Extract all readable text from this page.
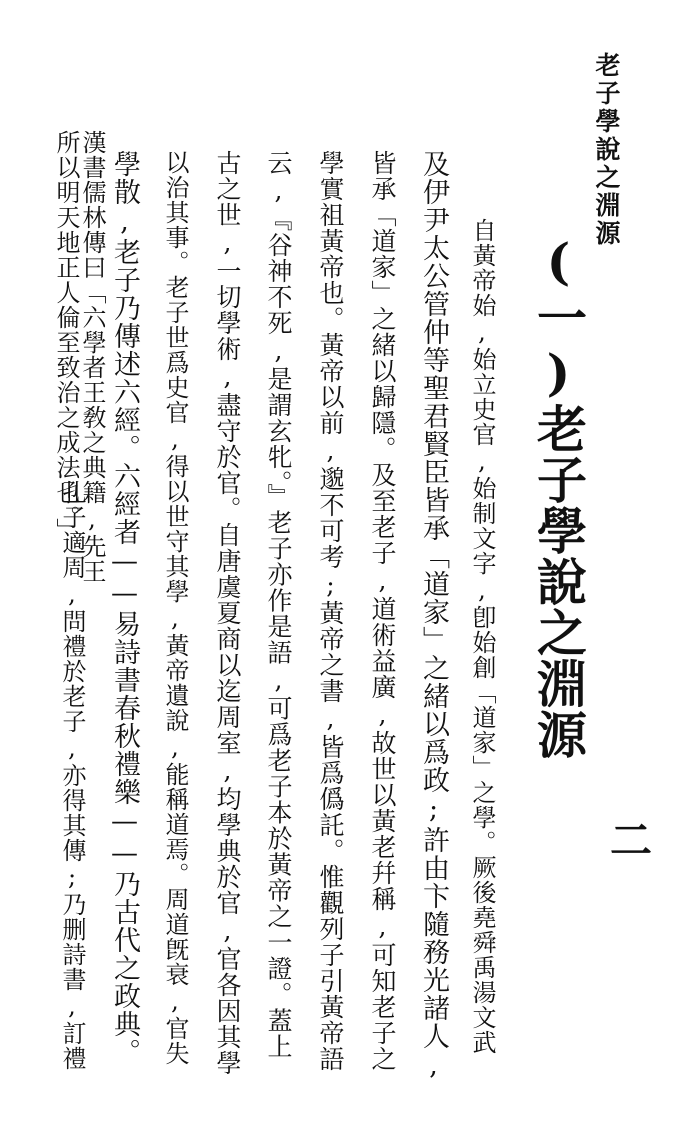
老子學說之淵源
二
(一)老子學說之淵源
自黃帝始,始立史官,始制文字,卽始創「道家」之學。厥後堯舜禹湯文武
及伊尹太公管仲等聖君賢臣皆承「道家」之緒以爲政;許由卞隨務光諸人,
皆承「道家」之緒以歸隱。及至老子,道術益廣,故世以黃老幷稱,可知老子之
學實祖黃帝也。黃帝以前,邈不可考;黃帝之書,皆爲僞託。惟觀列子引黃帝語
云,『谷神不死,是謂玄牝。』老子亦作是語,可爲老子本於黃帝之一證。蓋上
古之世,一切學術,盡守於官。自唐虞夏商以迄周室,均學典於官,官各因其學
以治其事。老子世爲史官,得以世守其學,黃帝遺說,能稱道焉。周道旣衰,官失
學散,老子乃傳述六經。六經者——易詩書春秋禮樂——乃古代之政典。
孔子適周,問禮於老子,亦得其傳;乃删詩書,訂禮
漢書儒林傳曰「六學者王敎之典籍,先王
所以明天地正人倫至致治之成法也。」
